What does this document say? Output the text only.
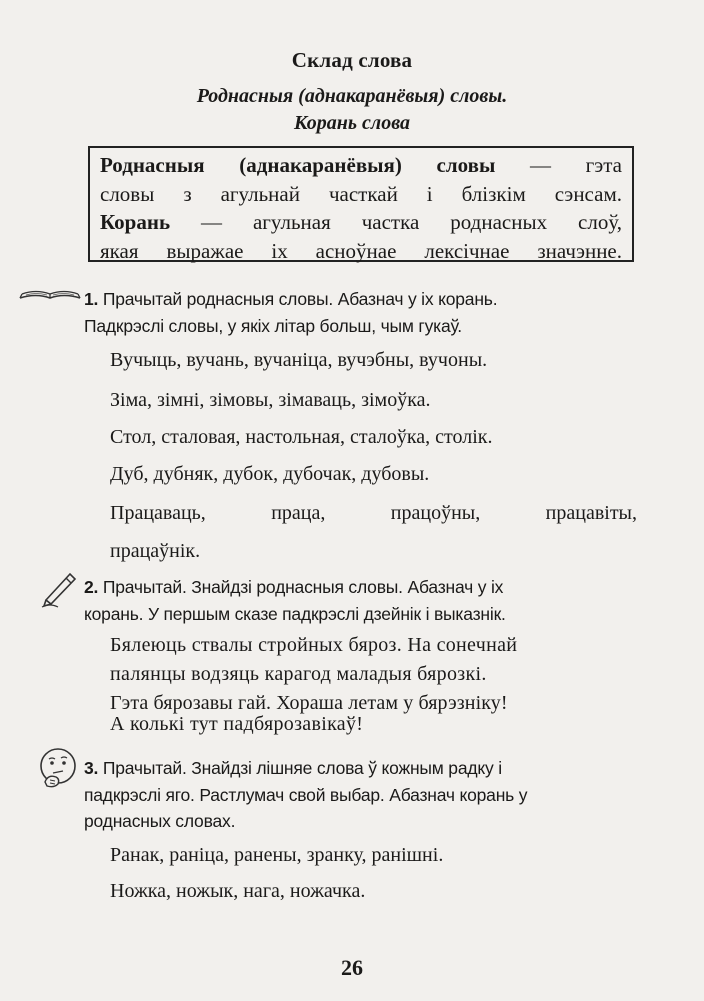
Склад слова
Роднасныя (аднакаранёвыя) словы.
Корань слова
Роднасныя (аднакаранёвыя) словы — гэта
словы з агульнай часткай і блізкім сэнсам.
Корань — агульная частка роднасных слоў,
якая выражае іх асноўнае лексічнае значэнне.
1. Прачытай роднасныя словы. Абазнач у іх корань.
Падкрэслі словы, у якіх літар больш, чым гукаў.
Вучыць, вучань, вучаніца, вучэбны, вучоны.
Зіма, зімні, зімовы, зімаваць, зімоўка.
Стол, сталовая, настольная, сталоўка, столік.
Дуб, дубняк, дубок, дубочак, дубовы.
Працаваць,	праца,	працоўны,	працавіты,
працаўнік.
2. Прачытай. Знайдзі роднасныя словы. Абазнач у іх
корань. У першым сказе падкрэслі дзейнік і выказнік.
Бялеюць ствалы стройных бяроз. На сонечнай
палянцы водзяць карагод маладыя бярозкі.
Гэта бярозавы гай. Хораша летам у бярэзніку!
А колькі тут падбярозавікаў!
3. Прачытай. Знайдзі лішняе слова ў кожным радку і
падкрэслі яго. Растлумач свой выбар. Абазнач корань у
роднасных словах.
Ранак, раніца, ранены, зранку, ранішні.
Ножка, ножык, нага, ножачка.
26
